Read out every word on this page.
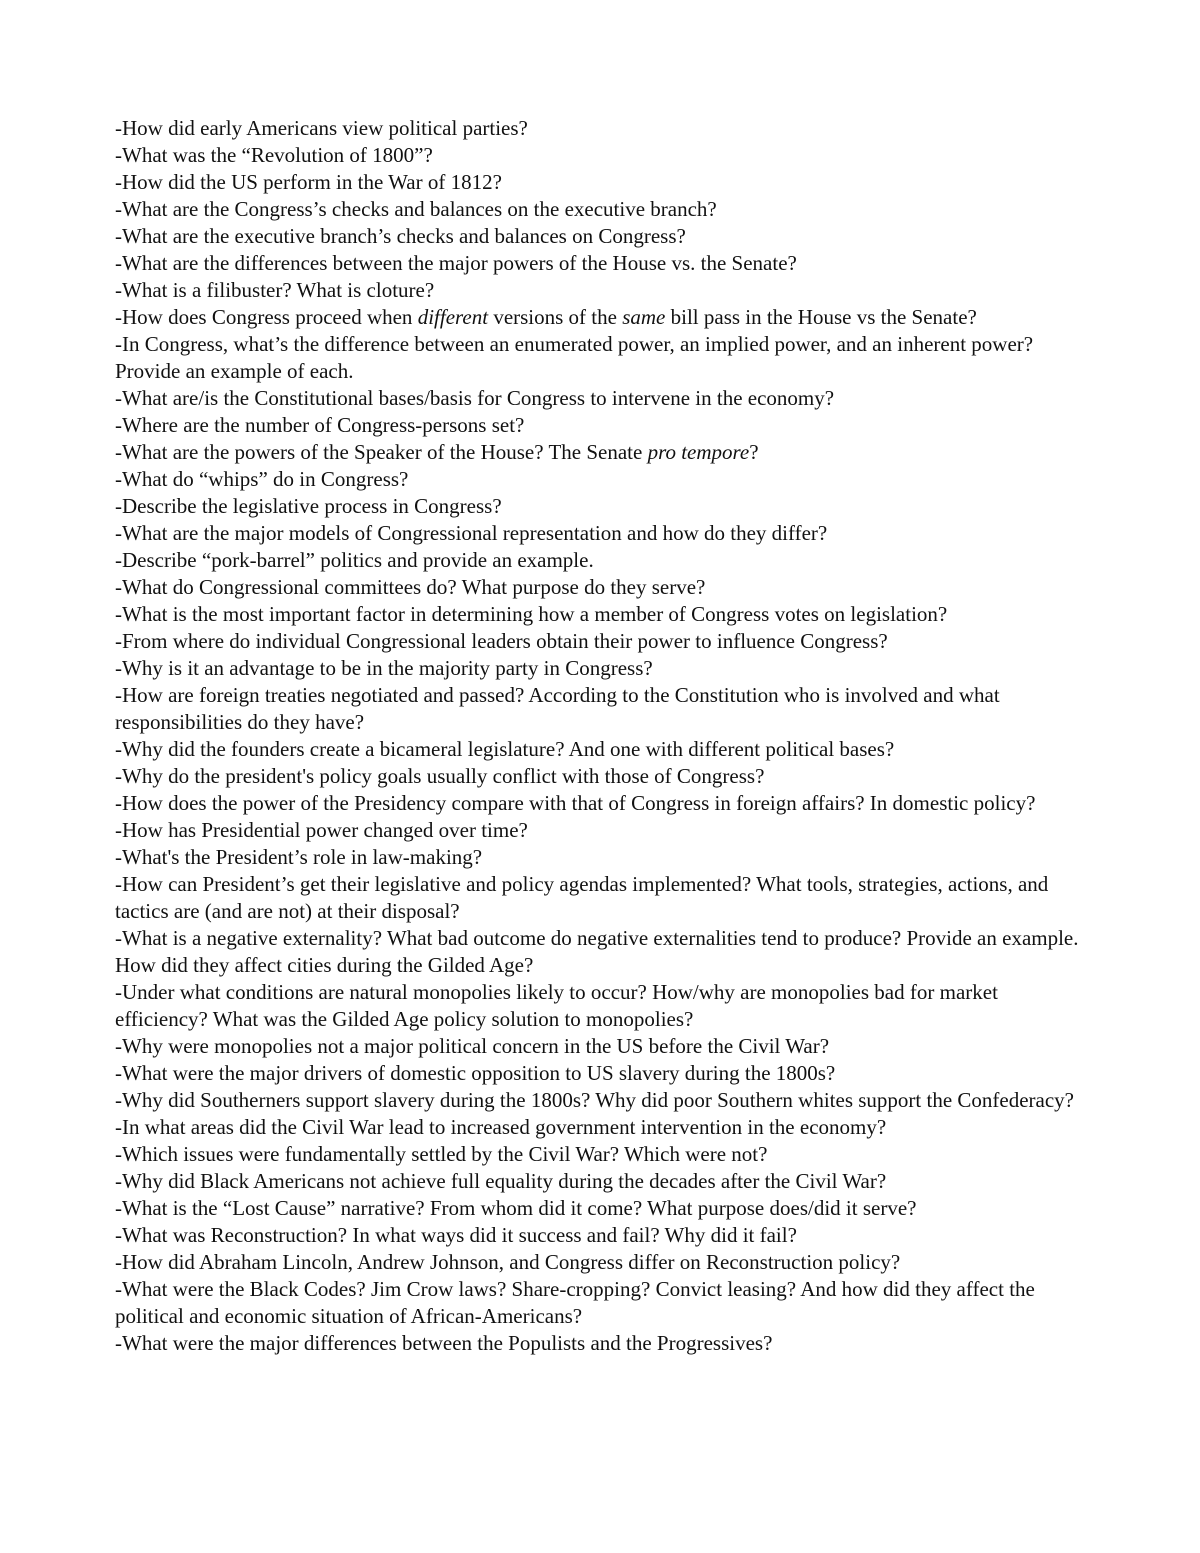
-How did early Americans view political parties?

-What was the “Revolution of 1800”?

-How did the US perform in the War of 1812?

-What are the Congress’s checks and balances on the executive branch?

-What are the executive branch’s checks and balances on Congress?

-What are the differences between the major powers of the House vs. the Senate?

-What is a filibuster? What is cloture?

-How does Congress proceed when different versions of the same bill pass in the House vs the Senate?

-In Congress, what’s the difference between an enumerated power, an implied power, and an inherent power? Provide an example of each.

-What are/is the Constitutional bases/basis for Congress to intervene in the economy?

-Where are the number of Congress-persons set?

-What are the powers of the Speaker of the House? The Senate pro tempore?

-What do “whips” do in Congress?

-Describe the legislative process in Congress?

-What are the major models of Congressional representation and how do they differ?

-Describe “pork-barrel” politics and provide an example.

-What do Congressional committees do? What purpose do they serve?

-What is the most important factor in determining how a member of Congress votes on legislation?

-From where do individual Congressional leaders obtain their power to influence Congress?

-Why is it an advantage to be in the majority party in Congress?

-How are foreign treaties negotiated and passed? According to the Constitution who is involved and what responsibilities do they have?

-Why did the founders create a bicameral legislature? And one with different political bases?

-Why do the president's policy goals usually conflict with those of Congress?

-How does the power of the Presidency compare with that of Congress in foreign affairs? In domestic policy?

-How has Presidential power changed over time?

-What's the President’s role in law-making?

-How can President’s get their legislative and policy agendas implemented? What tools, strategies, actions, and tactics are (and are not) at their disposal?

-What is a negative externality? What bad outcome do negative externalities tend to produce? Provide an example. How did they affect cities during the Gilded Age?

-Under what conditions are natural monopolies likely to occur? How/why are monopolies bad for market efficiency? What was the Gilded Age policy solution to monopolies?

-Why were monopolies not a major political concern in the US before the Civil War?

-What were the major drivers of domestic opposition to US slavery during the 1800s?

-Why did Southerners support slavery during the 1800s? Why did poor Southern whites support the Confederacy?

-In what areas did the Civil War lead to increased government intervention in the economy?

-Which issues were fundamentally settled by the Civil War? Which were not?

-Why did Black Americans not achieve full equality during the decades after the Civil War?

-What is the “Lost Cause” narrative? From whom did it come? What purpose does/did it serve?

-What was Reconstruction? In what ways did it success and fail? Why did it fail?

-How did Abraham Lincoln, Andrew Johnson, and Congress differ on Reconstruction policy?

-What were the Black Codes? Jim Crow laws? Share-cropping? Convict leasing? And how did they affect the political and economic situation of African-Americans?

-What were the major differences between the Populists and the Progressives?
